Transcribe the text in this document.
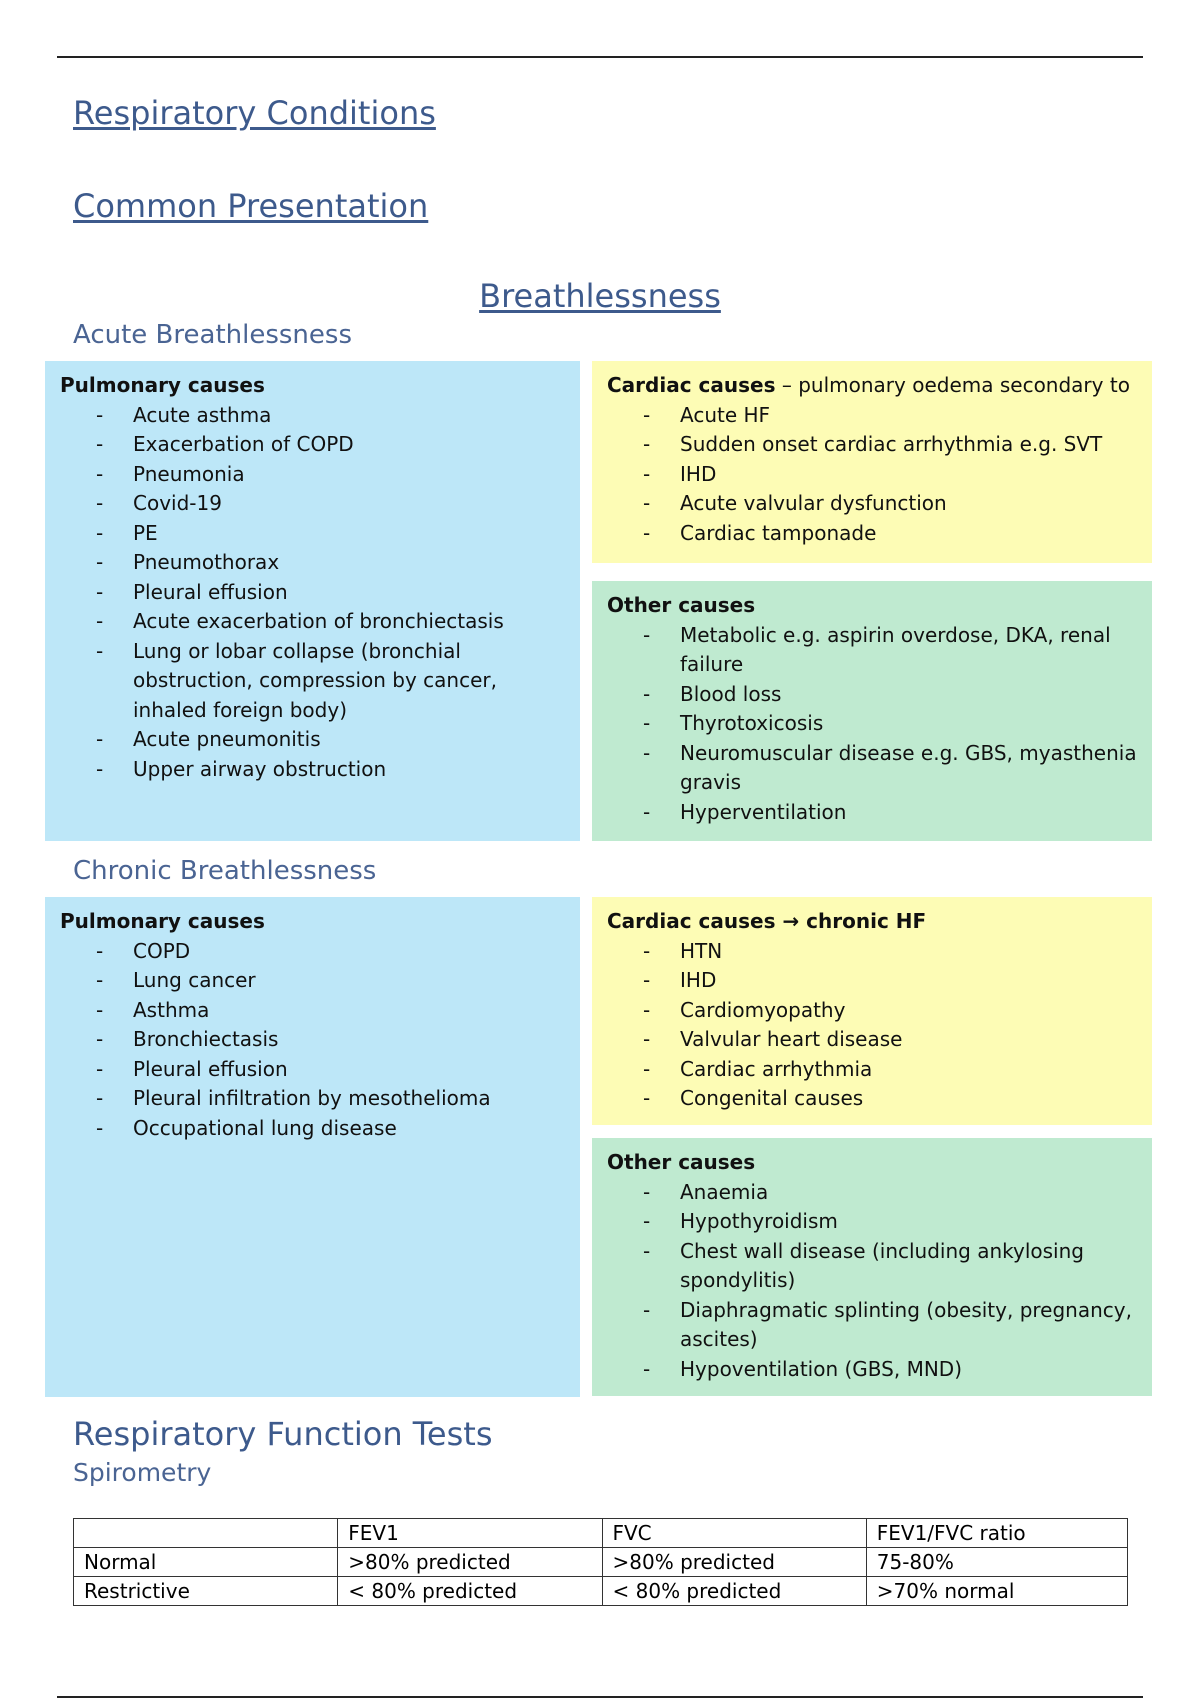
Respiratory Conditions
Common Presentation
Breathlessness
Acute Breathlessness
Pulmonary causes
- Acute asthma
- Exacerbation of COPD
- Pneumonia
- Covid-19
- PE
- Pneumothorax
- Pleural effusion
- Acute exacerbation of bronchiectasis
- Lung or lobar collapse (bronchial obstruction, compression by cancer, inhaled foreign body)
- Acute pneumonitis
- Upper airway obstruction
Cardiac causes – pulmonary oedema secondary to
- Acute HF
- Sudden onset cardiac arrhythmia e.g. SVT
- IHD
- Acute valvular dysfunction
- Cardiac tamponade
Other causes
- Metabolic e.g. aspirin overdose, DKA, renal failure
- Blood loss
- Thyrotoxicosis
- Neuromuscular disease e.g. GBS, myasthenia gravis
- Hyperventilation
Chronic Breathlessness
Pulmonary causes
- COPD
- Lung cancer
- Asthma
- Bronchiectasis
- Pleural effusion
- Pleural infiltration by mesothelioma
- Occupational lung disease
Cardiac causes → chronic HF
- HTN
- IHD
- Cardiomyopathy
- Valvular heart disease
- Cardiac arrhythmia
- Congenital causes
Other causes
- Anaemia
- Hypothyroidism
- Chest wall disease (including ankylosing spondylitis)
- Diaphragmatic splinting (obesity, pregnancy, ascites)
- Hypoventilation (GBS, MND)
Respiratory Function Tests
Spirometry
	FEV1	FVC	FEV1/FVC ratio
Normal	>80% predicted	>80% predicted	75-80%
Restrictive	< 80% predicted	< 80% predicted	>70% normal
